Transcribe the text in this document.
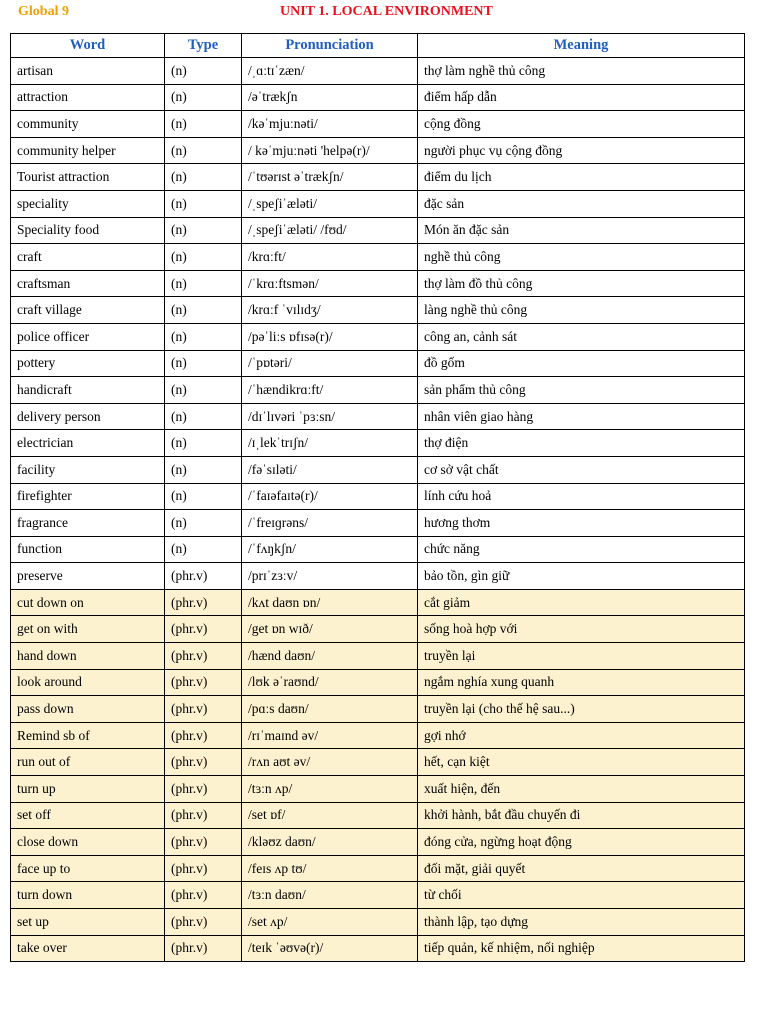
Global 9	UNIT 1. LOCAL ENVIRONMENT
Word	Type	Pronunciation	Meaning
artisan	(n)	/ˌɑːtɪˈzæn/	thợ làm nghề thủ công
attraction	(n)	/əˈtrækʃn	điểm hấp dẫn
community	(n)	/kəˈmjuːnəti/	cộng đồng
community helper	(n)	/ kəˈmjuːnəti 'helpə(r)/	người phục vụ cộng đồng
Tourist attraction	(n)	/ˈtʊərɪst əˈtrækʃn/	điểm du lịch
speciality	(n)	/ˌspeʃiˈæləti/	đặc sản
Speciality food	(n)	/ˌspeʃiˈæləti/ /fʊd/	Món ăn đặc sản
craft	(n)	/krɑːft/	nghề thủ công
craftsman	(n)	/ˈkrɑːftsmən/	thợ làm đồ thủ công
craft village	(n)	/krɑːf ˈvɪlɪdʒ/	làng nghề thủ công
police officer	(n)	/pəˈliːs ɒfɪsə(r)/	công an, cảnh sát
pottery	(n)	/ˈpɒtəri/	đồ gốm
handicraft	(n)	/ˈhændikrɑːft/	sản phẩm thủ công
delivery person	(n)	/dɪˈlɪvəri ˈpɜːsn/	nhân viên giao hàng
electrician	(n)	/ɪˌlekˈtrɪʃn/	thợ điện
facility	(n)	/fəˈsɪləti/	cơ sở vật chất
firefighter	(n)	/ˈfaɪəfaɪtə(r)/	lính cứu hoả
fragrance	(n)	/ˈfreɪɡrəns/	hương thơm
function	(n)	/ˈfʌŋkʃn/	chức năng
preserve	(phr.v)	/prɪˈzɜːv/	bảo tồn, gìn giữ
cut down on	(phr.v)	/kʌt daʊn ɒn/	cắt giảm
get on with	(phr.v)	/get ɒn wɪð/	sống hoà hợp với
hand down	(phr.v)	/hænd daʊn/	truyền lại
look around	(phr.v)	/lʊk əˈraʊnd/	ngắm nghía xung quanh
pass down	(phr.v)	/pɑːs daʊn/	truyền lại (cho thế hệ sau...)
Remind sb of	(phr.v)	/rɪˈmaɪnd əv/	gợi nhớ
run out of	(phr.v)	/rʌn aʊt əv/	hết, cạn kiệt
turn up	(phr.v)	/tɜːn ʌp/	xuất hiện, đến
set off	(phr.v)	/set ɒf/	khởi hành, bắt đầu chuyến đi
close down	(phr.v)	/kləʊz daʊn/	đóng cửa, ngừng hoạt động
face up to	(phr.v)	/feɪs ʌp tʊ/	đối mặt, giải quyết
turn down	(phr.v)	/tɜːn daʊn/	từ chối
set up	(phr.v)	/set ʌp/	thành lập, tạo dựng
take over	(phr.v)	/teɪk ˈəʊvə(r)/	tiếp quản, kế nhiệm, nối nghiệp
